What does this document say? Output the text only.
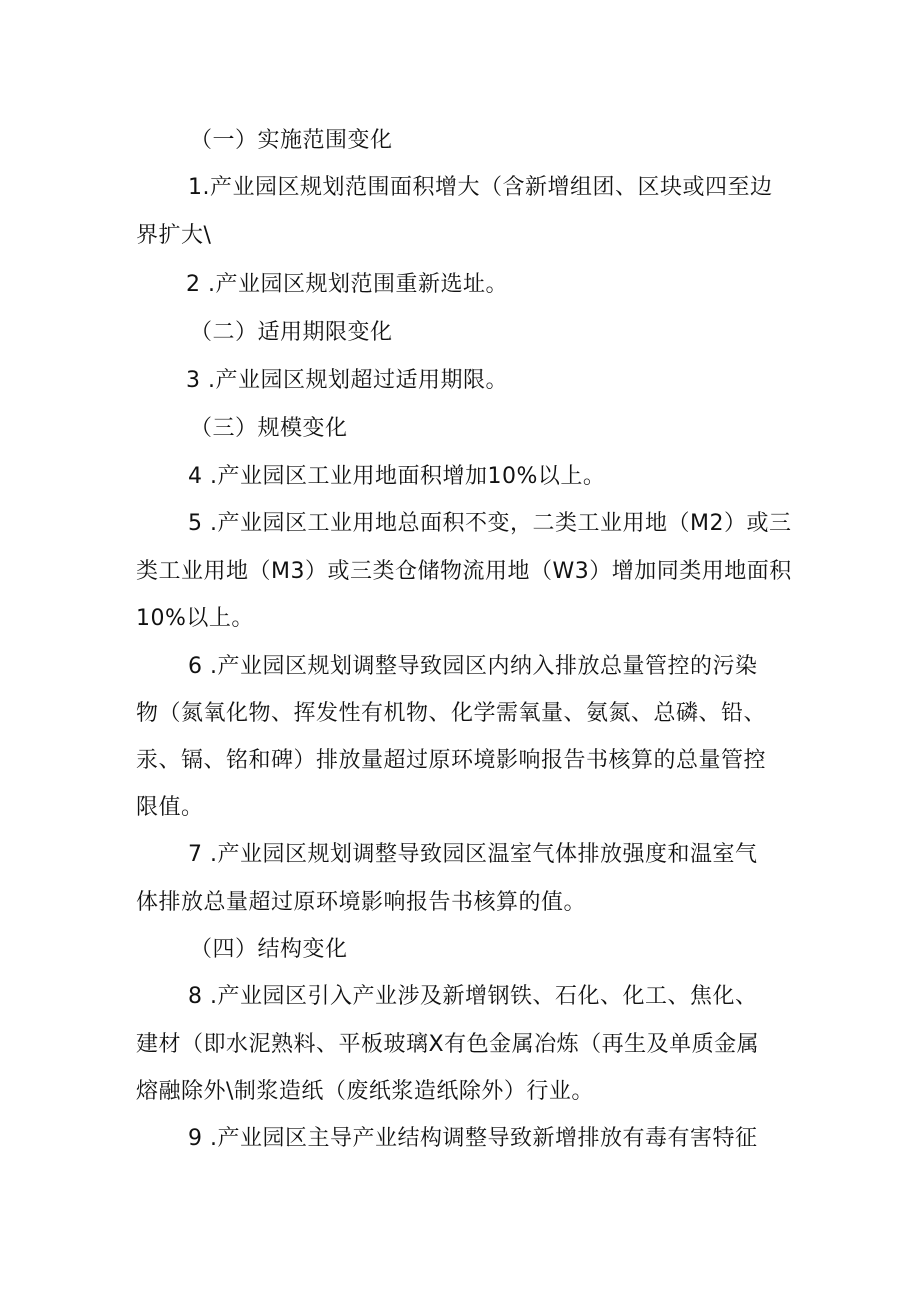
（一）实施范围变化

1.产业园区规划范围面积增大（含新增组团、区块或四至边

界扩大\

2 .产业园区规划范围重新选址。

（二）适用期限变化

3 .产业园区规划超过适用期限。

（三）规模变化

4 .产业园区工业用地面积增加10%以上。

5 .产业园区工业用地总面积不变，二类工业用地（M2）或三

类工业用地（M3）或三类仓储物流用地（W3）增加同类用地面积

10%以上。

6 .产业园区规划调整导致园区内纳入排放总量管控的污染

物（氮氧化物、挥发性有机物、化学需氧量、氨氮、总磷、铅、

汞、镉、铭和碑）排放量超过原环境影响报告书核算的总量管控

限值。

7 .产业园区规划调整导致园区温室气体排放强度和温室气

体排放总量超过原环境影响报告书核算的值。

（四）结构变化

8 .产业园区引入产业涉及新增钢铁、石化、化工、焦化、

建材（即水泥熟料、平板玻璃X有色金属冶炼（再生及单质金属

熔融除外\制浆造纸（废纸浆造纸除外）行业。

9 .产业园区主导产业结构调整导致新增排放有毒有害特征
